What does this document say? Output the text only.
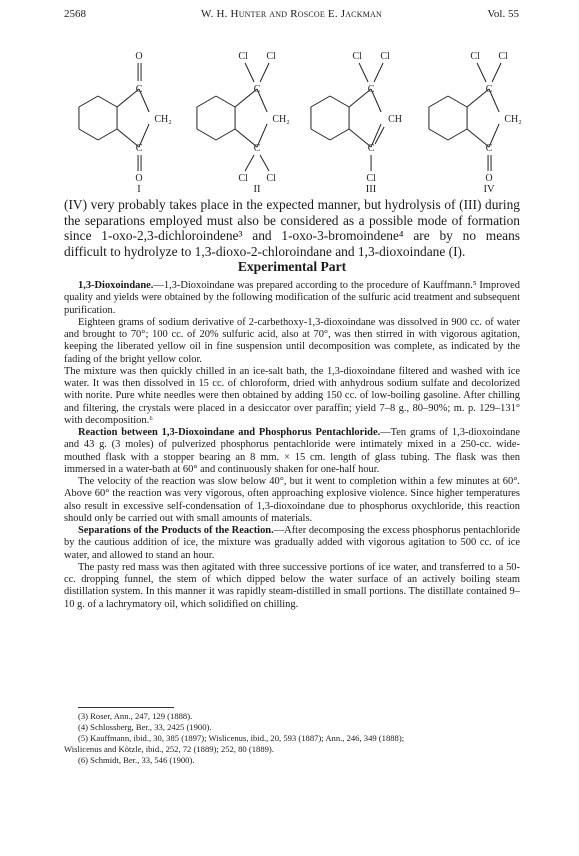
2568	W. H. Hunter and Roscoe E. Jackman	Vol. 55
C
C
CH₂
O
O
I
C
C
CH₂
Cl Cl
Cl Cl
II
C
C
CH
Cl Cl
Cl
III
C
C
CH₂
Cl Cl
O
IV

(IV) very probably takes place in the expected manner, but hydrolysis of (III) during the separations employed must also be considered as a possible mode of formation since 1-oxo-2,3-dichloroindene³ and 1-oxo-3-bromoindene⁴ are by no means difficult to hydrolyze to 1,3-dioxo-2-chloroindane and 1,3-dioxoindane (I).

Experimental Part

1,3-Dioxoindane.—1,3-Dioxoindane was prepared according to the procedure of Kauffmann.⁵ Improved quality and yields were obtained by the following modification of the sulfuric acid treatment and subsequent purification.

Eighteen grams of sodium derivative of 2-carbethoxy-1,3-dioxoindane was dissolved in 900 cc. of water and brought to 70°; 100 cc. of 20% sulfuric acid, also at 70°, was then stirred in with vigorous agitation, keeping the liberated yellow oil in fine suspension until decomposition was complete, as indicated by the fading of the bright yellow color.

The mixture was then quickly chilled in an ice-salt bath, the 1,3-dioxoindane filtered and washed with ice water. It was then dissolved in 15 cc. of chloroform, dried with anhydrous sodium sulfate and decolorized with norite. Pure white needles were then obtained by adding 150 cc. of low-boiling gasoline. After chilling and filtering, the crystals were placed in a desiccator over paraffin; yield 7–8 g., 80–90%; m. p. 129–131° with decomposition.⁶

Reaction between 1,3-Dioxoindane and Phosphorus Pentachloride.—Ten grams of 1,3-dioxoindane and 43 g. (3 moles) of pulverized phosphorus pentachloride were intimately mixed in a 250-cc. wide-mouthed flask with a stopper bearing an 8 mm. × 15 cm. length of glass tubing. The flask was then immersed in a water-bath at 60° and continuously shaken for one-half hour.

The velocity of the reaction was slow below 40°, but it went to completion within a few minutes at 60°. Above 60° the reaction was very vigorous, often approaching explosive violence. Since higher temperatures also result in excessive self-condensation of 1,3-dioxoindane due to phosphorus oxychloride, this reaction should only be carried out with small amounts of materials.

Separations of the Products of the Reaction.—After decomposing the excess phosphorus pentachloride by the cautious addition of ice, the mixture was gradually added with vigorous agitation to 500 cc. of ice water, and allowed to stand an hour.

The pasty red mass was then agitated with three successive portions of ice water, and transferred to a 50-cc. dropping funnel, the stem of which dipped below the water surface of an actively boiling steam distillation system. In this manner it was rapidly steam-distilled in small portions. The distillate contained 9–10 g. of a lachrymatory oil, which solidified on chilling.

(3) Roser, Ann., 247, 129 (1888).

(4) Schlossberg, Ber., 33, 2425 (1900).

(5) Kauffmann, ibid., 30, 385 (1897); Wislicenus, ibid., 20, 593 (1887); Ann., 246, 349 (1888);

Wislicenus and Kötzle, ibid., 252, 72 (1889); 252, 80 (1889).

(6) Schmidt, Ber., 33, 546 (1900).
